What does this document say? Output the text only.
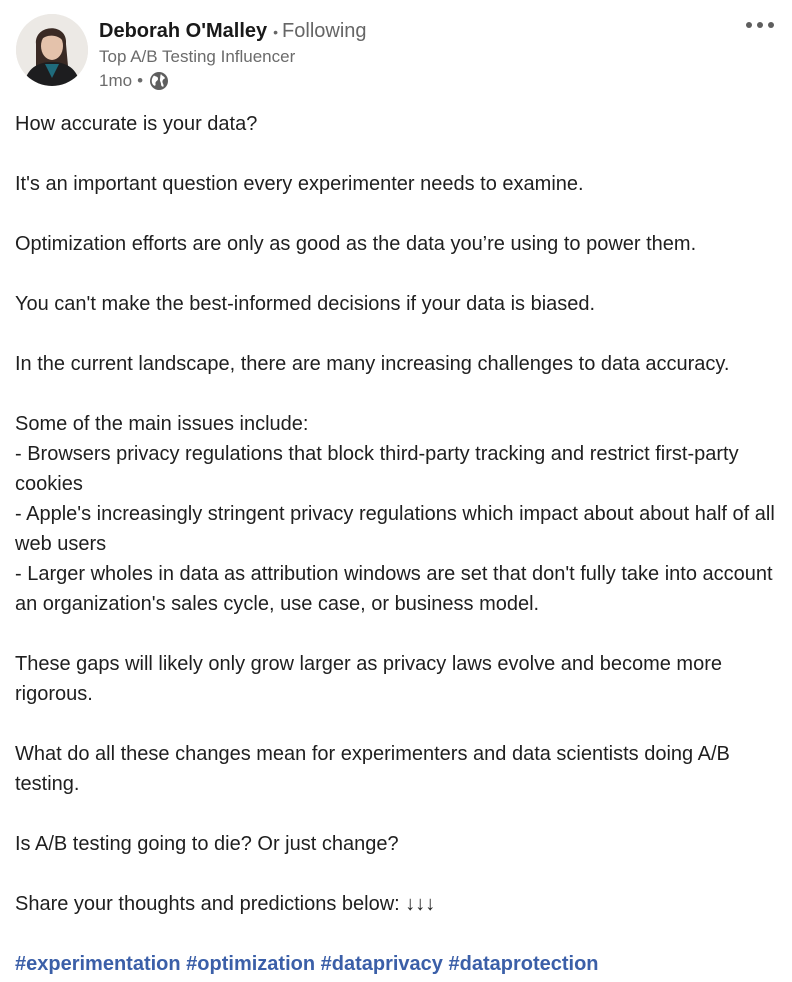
Deborah O'Malley • Following
Top A/B Testing Influencer
1mo •

How accurate is your data?

It's an important question every experimenter needs to examine.

Optimization efforts are only as good as the data you’re using to power them.

You can't make the best-informed decisions if your data is biased.

In the current landscape, there are many increasing challenges to data accuracy.

Some of the main issues include:

- Browsers privacy regulations that block third-party tracking and restrict first-party cookies

- Apple's increasingly stringent privacy regulations which impact about about half of all web users

- Larger wholes in data as attribution windows are set that don't fully take into account an organization's sales cycle, use case, or business model.

These gaps will likely only grow larger as privacy laws evolve and become more rigorous.

What do all these changes mean for experimenters and data scientists doing A/B testing.

Is A/B testing going to die? Or just change?

Share your thoughts and predictions below: ↓↓↓

#experimentation #optimization #dataprivacy #dataprotection
